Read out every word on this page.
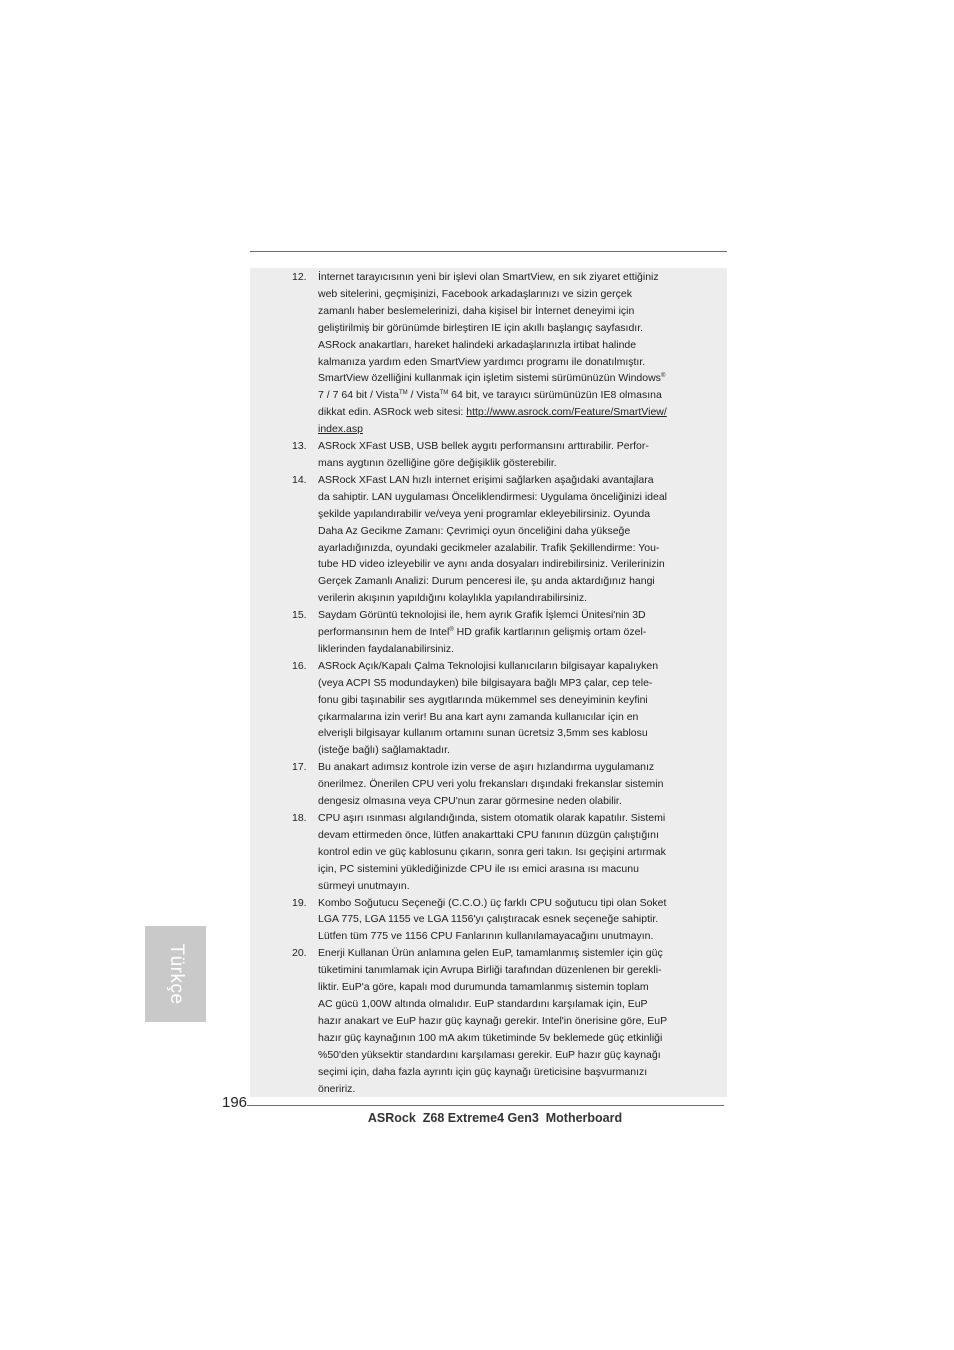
12.	İnternet tarayıcısının yeni bir işlevi olan SmartView, en sık ziyaret ettiğiniz
web sitelerini, geçmişinizi, Facebook arkadaşlarınızı ve sizin gerçek
zamanlı haber beslemelerinizi, daha kişisel bir İnternet deneyimi için
geliştirilmiş bir görünümde birleştiren IE için akıllı başlangıç sayfasıdır.
ASRock anakartları, hareket halindeki arkadaşlarınızla irtibat halinde
kalmanıza yardım eden SmartView yardımcı programı ile donatılmıştır.
SmartView özelliğini kullanmak için işletim sistemi sürümünüzün Windows®
7 / 7 64 bit / Vista™ / Vista™ 64 bit, ve tarayıcı sürümünüzün IE8 olmasına
dikkat edin. ASRock web sitesi: http://www.asrock.com/Feature/SmartView/
index.asp
13.	ASRock XFast USB, USB bellek aygıtı performansını arttırabilir. Perfor-
mans aygtının özelliğine göre değişiklik gösterebilir.
14.	ASRock XFast LAN hızlı internet erişimi sağlarken aşağıdaki avantajlara
da sahiptir. LAN uygulaması Önceliklendirmesi: Uygulama önceliğinizi ideal
şekilde yapılandırabilir ve/veya yeni programlar ekleyebilirsiniz. Oyunda
Daha Az Gecikme Zamanı: Çevrimiçi oyun önceliğini daha yükseğe
ayarladığınızda, oyundaki gecikmeler azalabilir. Trafik Şekillendirme: You-
tube HD video izleyebilir ve aynı anda dosyaları indirebilirsiniz. Verilerinizin
Gerçek Zamanlı Analizi: Durum penceresi ile, şu anda aktardığınız hangi
verilerin akışının yapıldığını kolaylıkla yapılandırabilirsiniz.
15.	Saydam Görüntü teknolojisi ile, hem ayrık Grafik İşlemci Ünitesi'nin 3D
performansının hem de Intel® HD grafik kartlarının gelişmiş ortam özel-
liklerinden faydalanabilirsiniz.
16.	ASRock Açık/Kapalı Çalma Teknolojisi kullanıcıların bilgisayar kapalıyken
(veya ACPI S5 modundayken) bile bilgisayara bağlı MP3 çalar, cep tele-
fonu gibi taşınabilir ses aygıtlarında mükemmel ses deneyiminin keyfini
çıkarmalarına izin verir! Bu ana kart aynı zamanda kullanıcılar için en
elverişli bilgisayar kullanım ortamını sunan ücretsiz 3,5mm ses kablosu
(isteğe bağlı) sağlamaktadır.
17.	Bu anakart adımsız kontrole izin verse de aşırı hızlandırma uygulamanız
önerilmez. Önerilen CPU veri yolu frekansları dışındaki frekanslar sistemin
dengesiz olmasına veya CPU'nun zarar görmesine neden olabilir.
18.	CPU aşırı ısınması algılandığında, sistem otomatik olarak kapatılır. Sistemi
devam ettirmeden önce, lütfen anakarttaki CPU fanının düzgün çalıştığını
kontrol edin ve güç kablosunu çıkarın, sonra geri takın. Isı geçişini artırmak
için, PC sistemini yüklediğinizde CPU ile ısı emici arasına ısı macunu
sürmeyi unutmayın.
19.	Kombo Soğutucu Seçeneği (C.C.O.) üç farklı CPU soğutucu tipi olan Soket
LGA 775, LGA 1155 ve LGA 1156'yı çalıştıracak esnek seçeneğe sahiptir.
Lütfen tüm 775 ve 1156 CPU Fanlarının kullanılamayacağını unutmayın.
20.	Enerji Kullanan Ürün anlamına gelen EuP, tamamlanmış sistemler için güç
tüketimini tanımlamak için Avrupa Birliği tarafından düzenlenen bir gerekli-
liktir. EuP'a göre, kapalı mod durumunda tamamlanmış sistemin toplam
AC gücü 1,00W altında olmalıdır. EuP standardını karşılamak için, EuP
hazır anakart ve EuP hazır güç kaynağı gerekir. Intel'in önerisine göre, EuP
hazır güç kaynağının 100 mA akım tüketiminde 5v beklemede güç etkinliği
%50'den yüksektir standardını karşılaması gerekir. EuP hazır güç kaynağı
seçimi için, daha fazla ayrıntı için güç kaynağı üreticisine başvurmanızı
öneririz.
Türkçe
196
ASRock  Z68 Extreme4 Gen3  Motherboard
